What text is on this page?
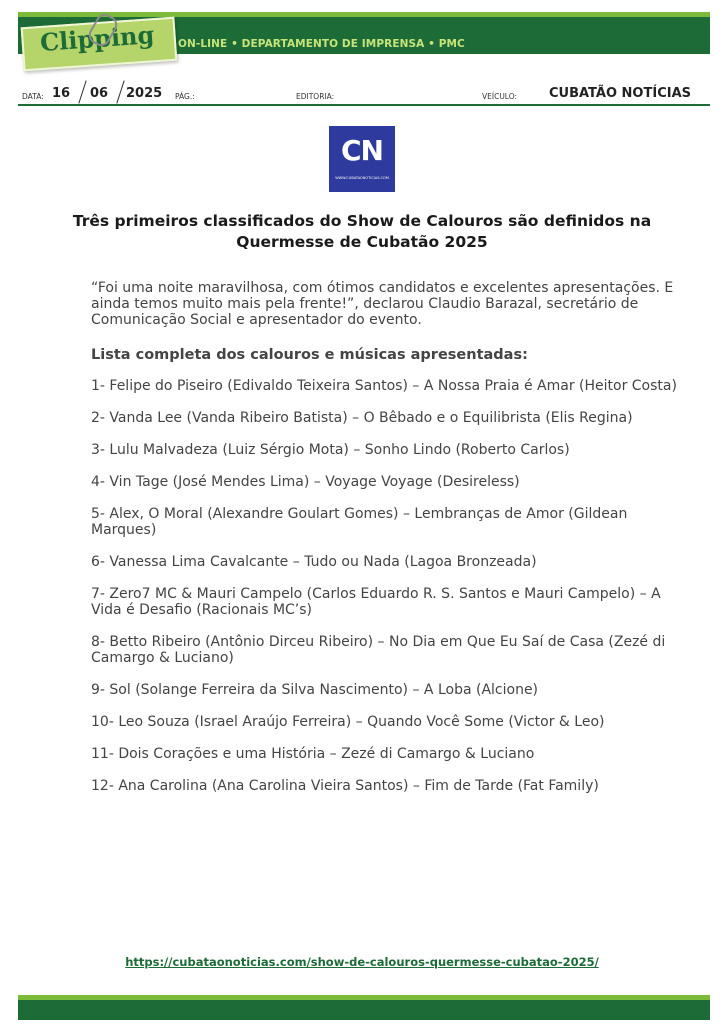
Clipping ON-LINE • DEPARTAMENTO DE IMPRENSA • PMC
DATA: 16 06 2025 PÁG.:	EDITORIA:	VEÍCULO: CUBATÃO NOTÍCIAS
CN
WWW.CUBATAONOTICIAS.COM
Três primeiros classificados do Show de Calouros são definidos na Quermesse de Cubatão 2025

“Foi uma noite maravilhosa, com ótimos candidatos e excelentes apresentações. E ainda temos muito mais pela frente!”, declarou Claudio Barazal, secretário de Comunicação Social e apresentador do evento.

Lista completa dos calouros e músicas apresentadas:

1- Felipe do Piseiro (Edivaldo Teixeira Santos) – A Nossa Praia é Amar (Heitor Costa)

2- Vanda Lee (Vanda Ribeiro Batista) – O Bêbado e o Equilibrista (Elis Regina)

3- Lulu Malvadeza (Luiz Sérgio Mota) – Sonho Lindo (Roberto Carlos)

4- Vin Tage (José Mendes Lima) – Voyage Voyage (Desireless)

5- Alex, O Moral (Alexandre Goulart Gomes) – Lembranças de Amor (Gildean Marques)

6- Vanessa Lima Cavalcante – Tudo ou Nada (Lagoa Bronzeada)

7- Zero7 MC & Mauri Campelo (Carlos Eduardo R. S. Santos e Mauri Campelo) – A Vida é Desafio (Racionais MC’s)

8- Betto Ribeiro (Antônio Dirceu Ribeiro) – No Dia em Que Eu Saí de Casa (Zezé di Camargo & Luciano)

9- Sol (Solange Ferreira da Silva Nascimento) – A Loba (Alcione)

10- Leo Souza (Israel Araújo Ferreira) – Quando Você Some (Victor & Leo)

11- Dois Corações e uma História – Zezé di Camargo & Luciano

12- Ana Carolina (Ana Carolina Vieira Santos) – Fim de Tarde (Fat Family)

https://cubataonoticias.com/show-de-calouros-quermesse-cubatao-2025/
